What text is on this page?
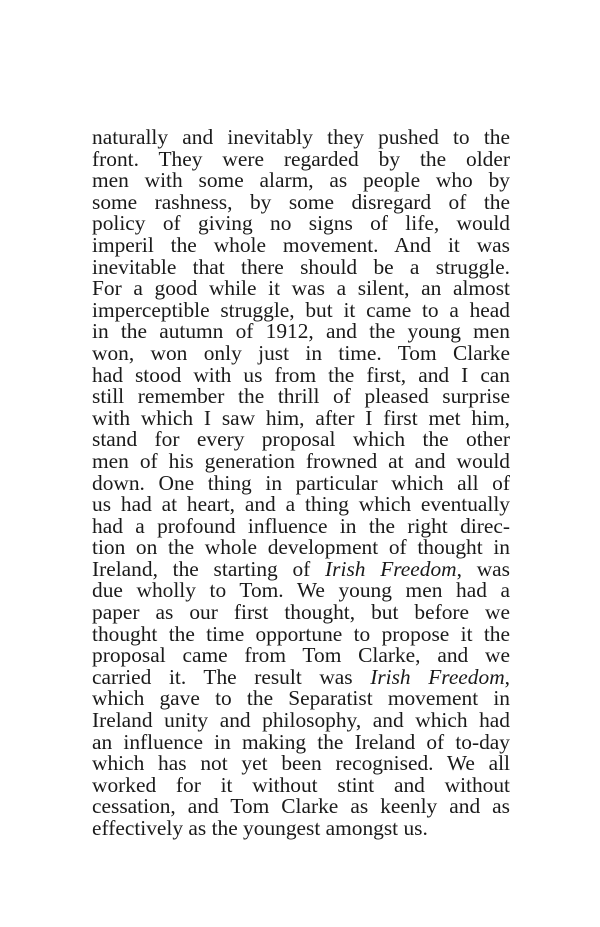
naturally and inevitably they pushed to the
front. They were regarded by the older
men with some alarm, as people who by
some rashness, by some disregard of the
policy of giving no signs of life, would
imperil the whole movement. And it was
inevitable that there should be a struggle.
For a good while it was a silent, an almost
imperceptible struggle, but it came to a head
in the autumn of 1912, and the young men
won, won only just in time. Tom Clarke
had stood with us from the first, and I can
still remember the thrill of pleased surprise
with which I saw him, after I first met him,
stand for every proposal which the other
men of his generation frowned at and would
down. One thing in particular which all of
us had at heart, and a thing which eventually
had a profound influence in the right direc-
tion on the whole development of thought in
Ireland, the starting of Irish Freedom, was
due wholly to Tom. We young men had a
paper as our first thought, but before we
thought the time opportune to propose it the
proposal came from Tom Clarke, and we
carried it. The result was Irish Freedom,
which gave to the Separatist movement in
Ireland unity and philosophy, and which had
an influence in making the Ireland of to-day
which has not yet been recognised. We all
worked for it without stint and without
cessation, and Tom Clarke as keenly and as
effectively as the youngest amongst us.
